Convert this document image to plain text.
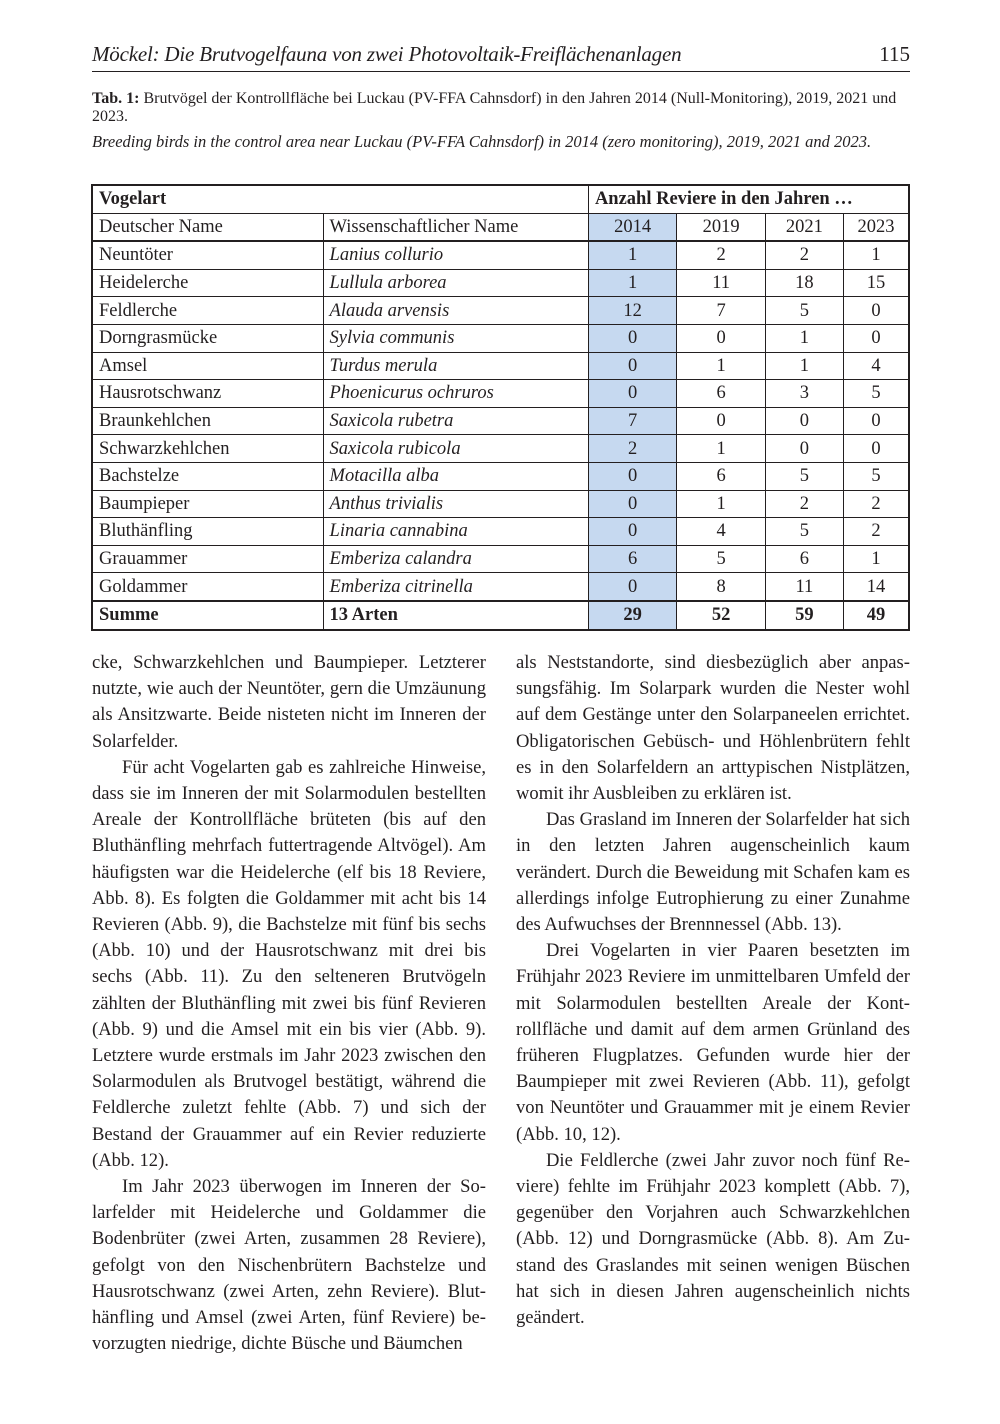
Möckel: Die Brutvogelfauna von zwei Photovoltaik-Freiflächenanlagen	115
Tab. 1: Brutvögel der Kontrollfläche bei Luckau (PV-FFA Cahnsdorf) in den Jahren 2014 (Null-Monitoring), 2019, 2021 und 2023.
Breeding birds in the control area near Luckau (PV-FFA Cahnsdorf) in 2014 (zero monitoring), 2019, 2021 and 2023.
Vogelart		Anzahl Reviere in den Jahren …			
Deutscher Name	Wissenschaftlicher Name	2014	2019	2021	2023
Neuntöter	Lanius collurio	1	2	2	1
Heidelerche	Lullula arborea	1	11	18	15
Feldlerche	Alauda arvensis	12	7	5	0
Dorngrasmücke	Sylvia communis	0	0	1	0
Amsel	Turdus merula	0	1	1	4
Hausrotschwanz	Phoenicurus ochruros	0	6	3	5
Braunkehlchen	Saxicola rubetra	7	0	0	0
Schwarzkehlchen	Saxicola rubicola	2	1	0	0
Bachstelze	Motacilla alba	0	6	5	5
Baumpieper	Anthus trivialis	0	1	2	2
Bluthänfling	Linaria cannabina	0	4	5	2
Grauammer	Emberiza calandra	6	5	6	1
Goldammer	Emberiza citrinella	0	8	11	14
Summe	13 Arten	29	52	59	49

cke, Schwarzkehlchen und Baumpieper. Letzterer nutzte, wie auch der Neuntöter, gern die Umzäunung als Ansitzwarte. Beide nisteten nicht im Inneren der Solarfelder.

Für acht Vogelarten gab es zahlreiche Hinweise, dass sie im Inneren der mit Solarmodulen bestellten Areale der Kontrollfläche brüteten (bis auf den Bluthänfling mehrfach futtertragende Altvögel). Am häufigsten war die Heidelerche (elf bis 18 Reviere, Abb. 8). Es folgten die Goldammer mit acht bis 14 Revieren (Abb. 9), die Bachstelze mit fünf bis sechs (Abb. 10) und der Hausrotschwanz mit drei bis sechs (Abb. 11). Zu den selteneren Brutvögeln zählten der Bluthänfling mit zwei bis fünf Revieren (Abb. 9) und die Amsel mit ein bis vier (Abb. 9). Letztere wurde erstmals im Jahr 2023 zwischen den Solarmodulen als Brutvogel bestätigt, während die Feldlerche zuletzt fehlte (Abb. 7) und sich der Bestand der Grauammer auf ein Revier reduzierte (Abb. 12).

Im Jahr 2023 überwogen im Inneren der Solarfelder mit Heidelerche und Goldammer die Bodenbrüter (zwei Arten, zusammen 28 Reviere), gefolgt von den Nischenbrütern Bachstelze und Hausrotschwanz (zwei Arten, zehn Reviere). Bluthänfling und Amsel (zwei Arten, fünf Reviere) bevorzugten niedrige, dichte Büsche und Bäumchen

als Neststandorte, sind diesbezüglich aber anpassungsfähig. Im Solarpark wurden die Nester wohl auf dem Gestänge unter den Solarpaneelen errichtet. Obligatorischen Gebüsch- und Höhlenbrütern fehlt es in den Solarfeldern an arttypischen Nistplätzen, womit ihr Ausbleiben zu erklären ist.

Das Grasland im Inneren der Solarfelder hat sich in den letzten Jahren augenscheinlich kaum verändert. Durch die Beweidung mit Schafen kam es allerdings infolge Eutrophierung zu einer Zunahme des Aufwuchses der Brennnessel (Abb. 13).

Drei Vogelarten in vier Paaren besetzten im Frühjahr 2023 Reviere im unmittelbaren Umfeld der mit Solarmodulen bestellten Areale der Kontrollfläche und damit auf dem armen Grünland des früheren Flugplatzes. Gefunden wurde hier der Baumpieper mit zwei Revieren (Abb. 11), gefolgt von Neuntöter und Grauammer mit je einem Revier (Abb. 10, 12).

Die Feldlerche (zwei Jahr zuvor noch fünf Reviere) fehlte im Frühjahr 2023 komplett (Abb. 7), gegenüber den Vorjahren auch Schwarzkehlchen (Abb. 12) und Dorngrasmücke (Abb. 8). Am Zustand des Graslandes mit seinen wenigen Büschen hat sich in diesen Jahren augenscheinlich nichts geändert.
